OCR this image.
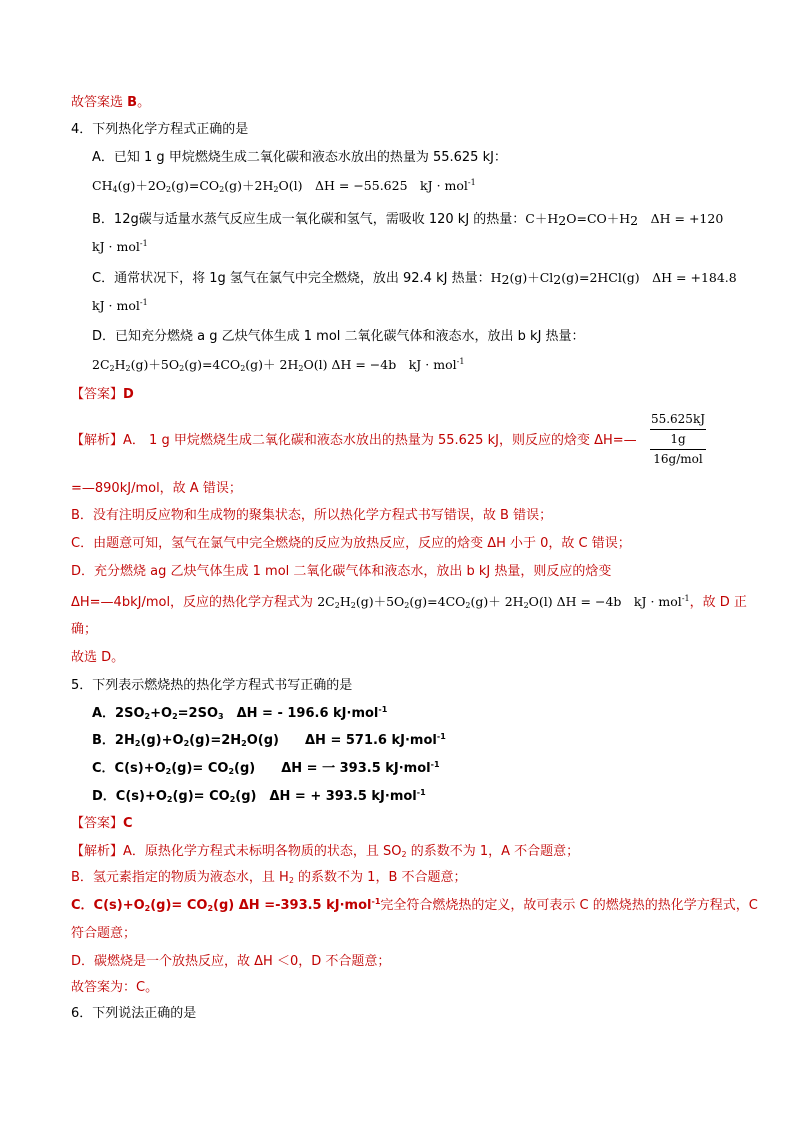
故答案选 B。
4．下列热化学方程式正确的是
A．已知 1 g 甲烷燃烧生成二氧化碳和液态水放出的热量为 55.625 kJ：
$CH_4(g)+2O_2(g)=CO_2(g)+2H_2O(l)$　ΔH = −55.625　kJ · mol$^{-1}$
B．12g碳与适量水蒸气反应生成一氧化碳和氢气，需吸收 120 kJ 的热量：$C+H_2O=CO+H_2$　ΔH = +120
kJ · mol$^{-1}$
C．通常状况下，将 1g 氢气在氯气中完全燃烧，放出 92.4 kJ 热量：$H_2(g)+Cl_2(g)=2HCl(g)$　ΔH = +184.8
kJ · mol$^{-1}$
D．已知充分燃烧 a g 乙炔气体生成 1 mol 二氧化碳气体和液态水，放出 b kJ 热量：
$2C_2H_2(g)+5O_2(g)=4CO_2(g)+ 2H_2O(l) \Delta H = -4b$　kJ · mol$^{-1}$
【答案】D
【解析】A． 1 g 甲烷燃烧生成二氧化碳和液态水放出的热量为 55.625 kJ，则反应的焓变 ΔH=—
55.625kJ
1g
16g/mol
=—890kJ/mol，故 A 错误；
B．没有注明反应物和生成物的聚集状态，所以热化学方程式书写错误，故 B 错误；
C．由题意可知，氢气在氯气中完全燃烧的反应为放热反应，反应的焓变 ΔH 小于 0，故 C 错误；
D．充分燃烧 ag 乙炔气体生成 1 mol 二氧化碳气体和液态水，放出 b kJ 热量，则反应的焓变
ΔH=—4bkJ/mol，反应的热化学方程式为 $2C_2H_2(g)+5O_2(g)=4CO_2(g)+ 2H_2O(l) \Delta H = -4b$　kJ · mol$^{-1}$，故 D 正
确；
故选 D。
5．下列表示燃烧热的热化学方程式书写正确的是
A．$2SO_2+O_2=2SO_3$　ΔH = - 196.6 kJ·mol$^{-1}$
B．$2H_2(g)+O_2(g)=2H_2O(g)$　　ΔH = 571.6 kJ·mol$^{-1}$
C．$C(s)+O_2(g)= CO_2(g)$　　ΔH = 一 393.5 kJ·mol$^{-1}$
D．$C(s)+O_2(g)= CO_2(g)$　ΔH = + 393.5 kJ·mol$^{-1}$
【答案】C
【解析】A．原热化学方程式未标明各物质的状态，且 $SO_2$ 的系数不为 1，A 不合题意；
B．氢元素指定的物质为液态水，且 $H_2$ 的系数不为 1，B 不合题意；
C．$C(s)+O_2(g)= CO_2(g)$ ΔH =-393.5 kJ·mol$^{-1}$完全符合燃烧热的定义，故可表示 C 的燃烧热的热化学方程式，C
符合题意；
D．碳燃烧是一个放热反应，故 ΔH ＜0，D 不合题意；
故答案为：C。
6．下列说法正确的是
